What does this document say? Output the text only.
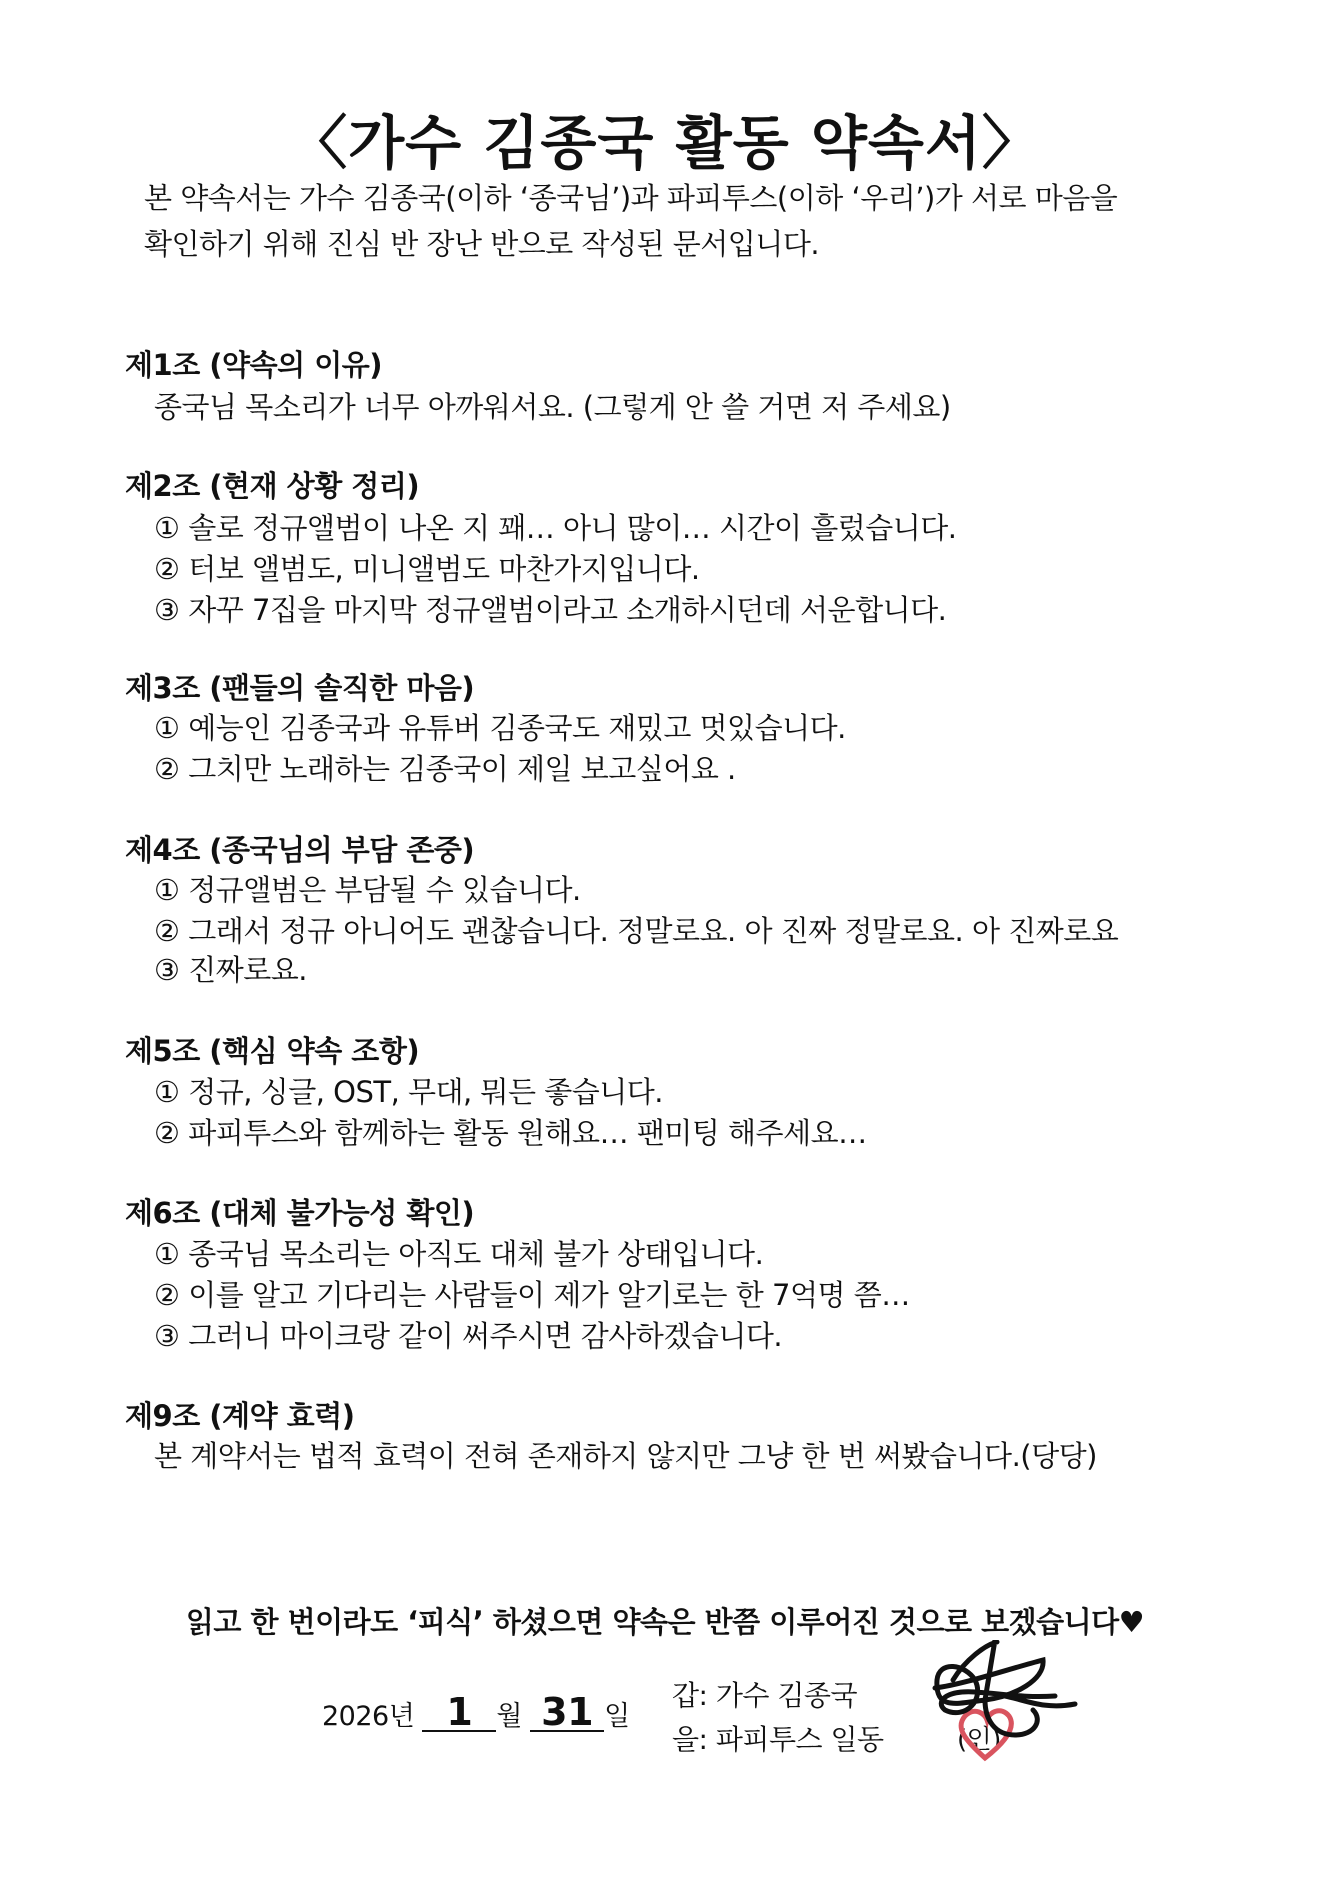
〈가수 김종국 활동 약속서〉
본 약속서는 가수 김종국(이하 ‘종국님’)과 파피투스(이하 ‘우리’)가 서로 마음을
확인하기 위해 진심 반 장난 반으로 작성된 문서입니다.
제1조 (약속의 이유)
종국님 목소리가 너무 아까워서요. (그렇게 안 쓸 거면 저 주세요)
제2조 (현재 상황 정리)
① 솔로 정규앨범이 나온 지 꽤… 아니 많이… 시간이 흘렀습니다.
② 터보 앨범도, 미니앨범도 마찬가지입니다.
③ 자꾸 7집을 마지막 정규앨범이라고 소개하시던데 서운합니다.
제3조 (팬들의 솔직한 마음)
① 예능인 김종국과 유튜버 김종국도 재밌고 멋있습니다.
② 그치만 노래하는 김종국이 제일 보고싶어요 .
제4조 (종국님의 부담 존중)
① 정규앨범은 부담될 수 있습니다.
② 그래서 정규 아니어도 괜찮습니다. 정말로요. 아 진짜 정말로요. 아 진짜로요
③ 진짜로요.
제5조 (핵심 약속 조항)
① 정규, 싱글, OST, 무대, 뭐든 좋습니다.
② 파피투스와 함께하는 활동 원해요… 팬미팅 해주세요…
제6조 (대체 불가능성 확인)
① 종국님 목소리는 아직도 대체 불가 상태입니다.
② 이를 알고 기다리는 사람들이 제가 알기로는 한 7억명 쯤…
③ 그러니 마이크랑 같이 써주시면 감사하겠습니다.
제9조 (계약 효력)
본 계약서는 법적 효력이 전혀 존재하지 않지만 그냥 한 번 써봤습니다.(당당)
읽고 한 번이라도 ‘피식’ 하셨으면 약속은 반쯤 이루어진 것으로 보겠습니다♥
2026년 1 월 31 일
갑: 가수 김종국
을: 파피투스 일동	(인)
